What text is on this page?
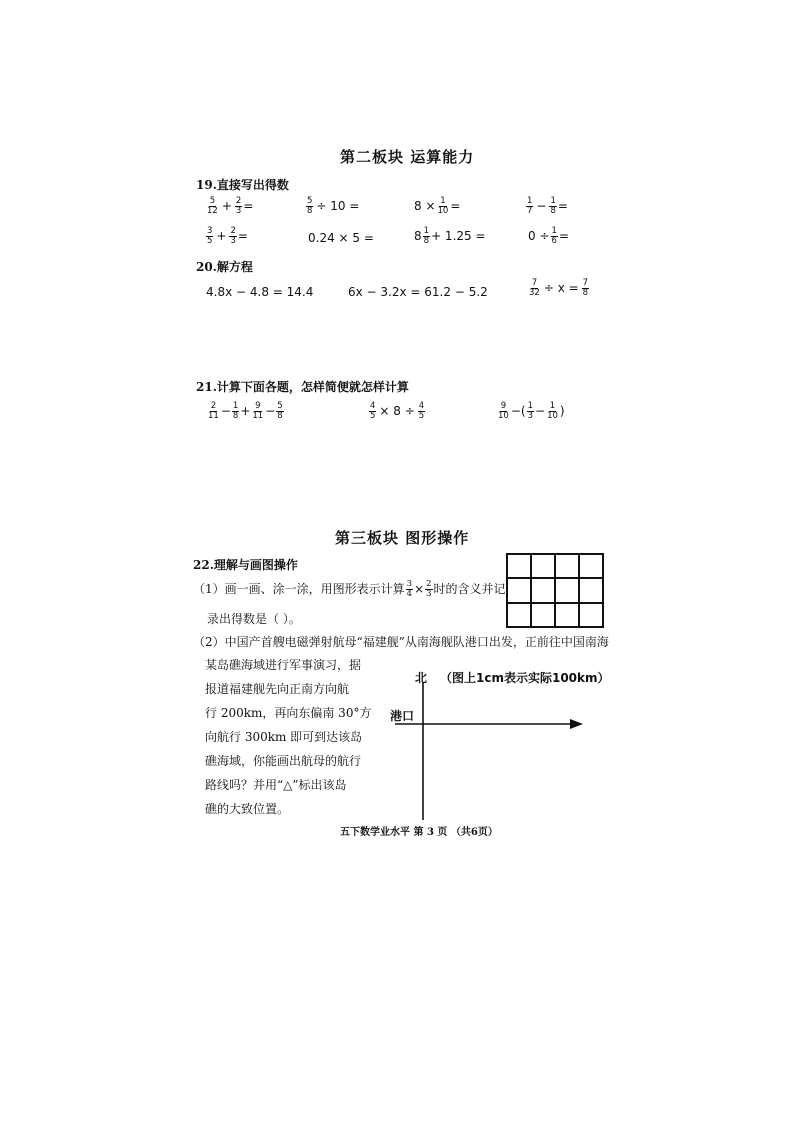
第二板块 运算能力
19.直接写出得数
$\frac{5}{12} + \frac{2}{3}$ =	$\frac{5}{8} \div 10$ =	$8 \times \frac{1}{10}$ =	$\frac{1}{7} - \frac{1}{8}$ =
$\frac{3}{5} + \frac{2}{3}$ =	0.24 × 5 =	$8 \frac{1}{8} + 1.25$ =	$0 \div \frac{1}{6}$ =
20.解方程
4.8x − 4.8 = 14.4	6x − 3.2x = 61.2 − 5.2	$\frac{7}{32} \div x = \frac{7}{8}$
21.计算下面各题，怎样简便就怎样计算
$\frac{2}{11} - \frac{1}{8} + \frac{9}{11} - \frac{5}{8}$	$\frac{4}{5} \times 8 \div \frac{4}{5}$	$\frac{9}{10}$ −( $\frac{1}{3} - \frac{1}{10}$ )
第三板块 图形操作
22.理解与画图操作
（1）画一画、涂一涂，用图形表示计算 $\frac{3}{4} \times \frac{2}{3}$ 时的含义并记
录出得数是（ ）。
（2）中国产首艘电磁弹射航母“福建舰”从南海舰队港口出发，正前往中国南海
某岛礁海域进行军事演习，据
报道福建舰先向正南方向航
行 200km，再向东偏南 30°方
向航行 300km 即可到达该岛
礁海域，你能画出航母的航行
路线吗？并用“△”标出该岛
礁的大致位置。
北 （图上1cm表示实际100km）
港口
五下数学业水平 第 3 页 （共6页）
